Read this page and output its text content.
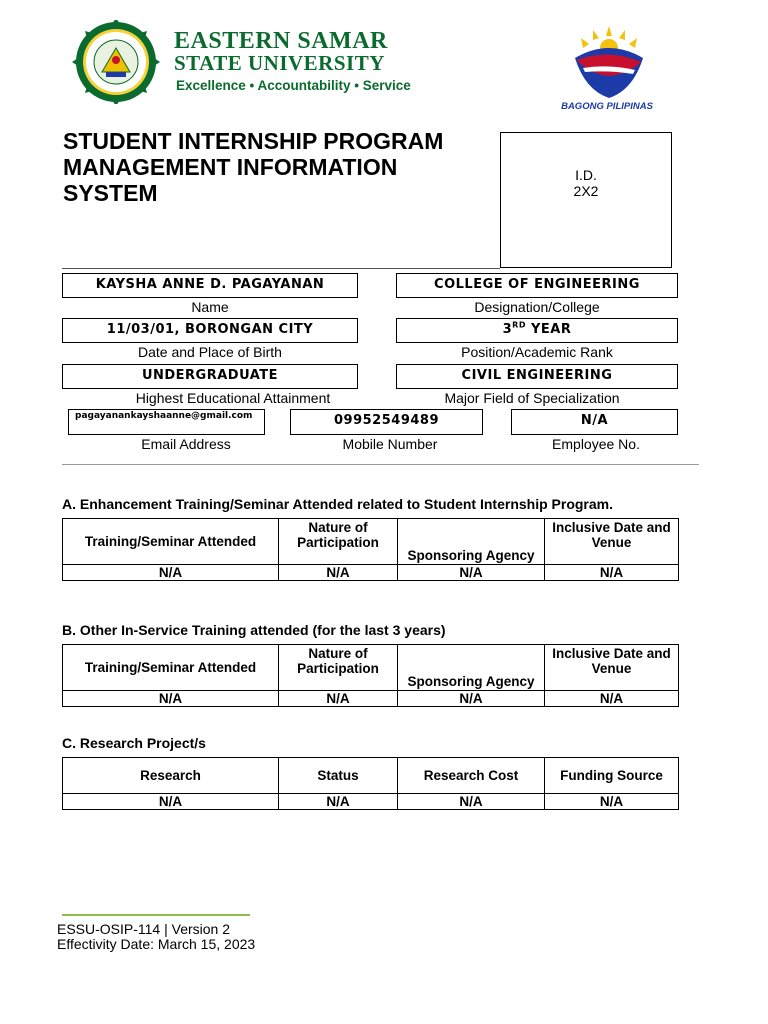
EASTERN SAMAR
STATE UNIVERSITY
Excellence • Accountability • Service
BAGONG PILIPINAS
STUDENT INTERNSHIP PROGRAM MANAGEMENT INFORMATION SYSTEM
I.D.
2X2
KAYSHA ANNE D. PAGAYANAN
Name
COLLEGE OF ENGINEERING
Designation/College
11/03/01, BORONGAN CITY
Date and Place of Birth
3RD YEAR
Position/Academic Rank
UNDERGRADUATE
Highest Educational Attainment
CIVIL ENGINEERING
Major Field of Specialization
pagayanankayshaanne@gmail.com
Email Address
09952549489
Mobile Number
N/A
Employee No.
A. Enhancement Training/Seminar Attended related to Student Internship Program.
Training/Seminar Attended	Nature of Participation	Sponsoring Agency	Inclusive Date and Venue
N/A	N/A	N/A	N/A
B. Other In-Service Training attended (for the last 3 years)
Training/Seminar Attended	Nature of Participation	Sponsoring Agency	Inclusive Date and Venue
N/A	N/A	N/A	N/A
C. Research Project/s
Research	Status	Research Cost	Funding Source
N/A	N/A	N/A	N/A
ESSU-OSIP-114 | Version 2
Effectivity Date: March 15, 2023
